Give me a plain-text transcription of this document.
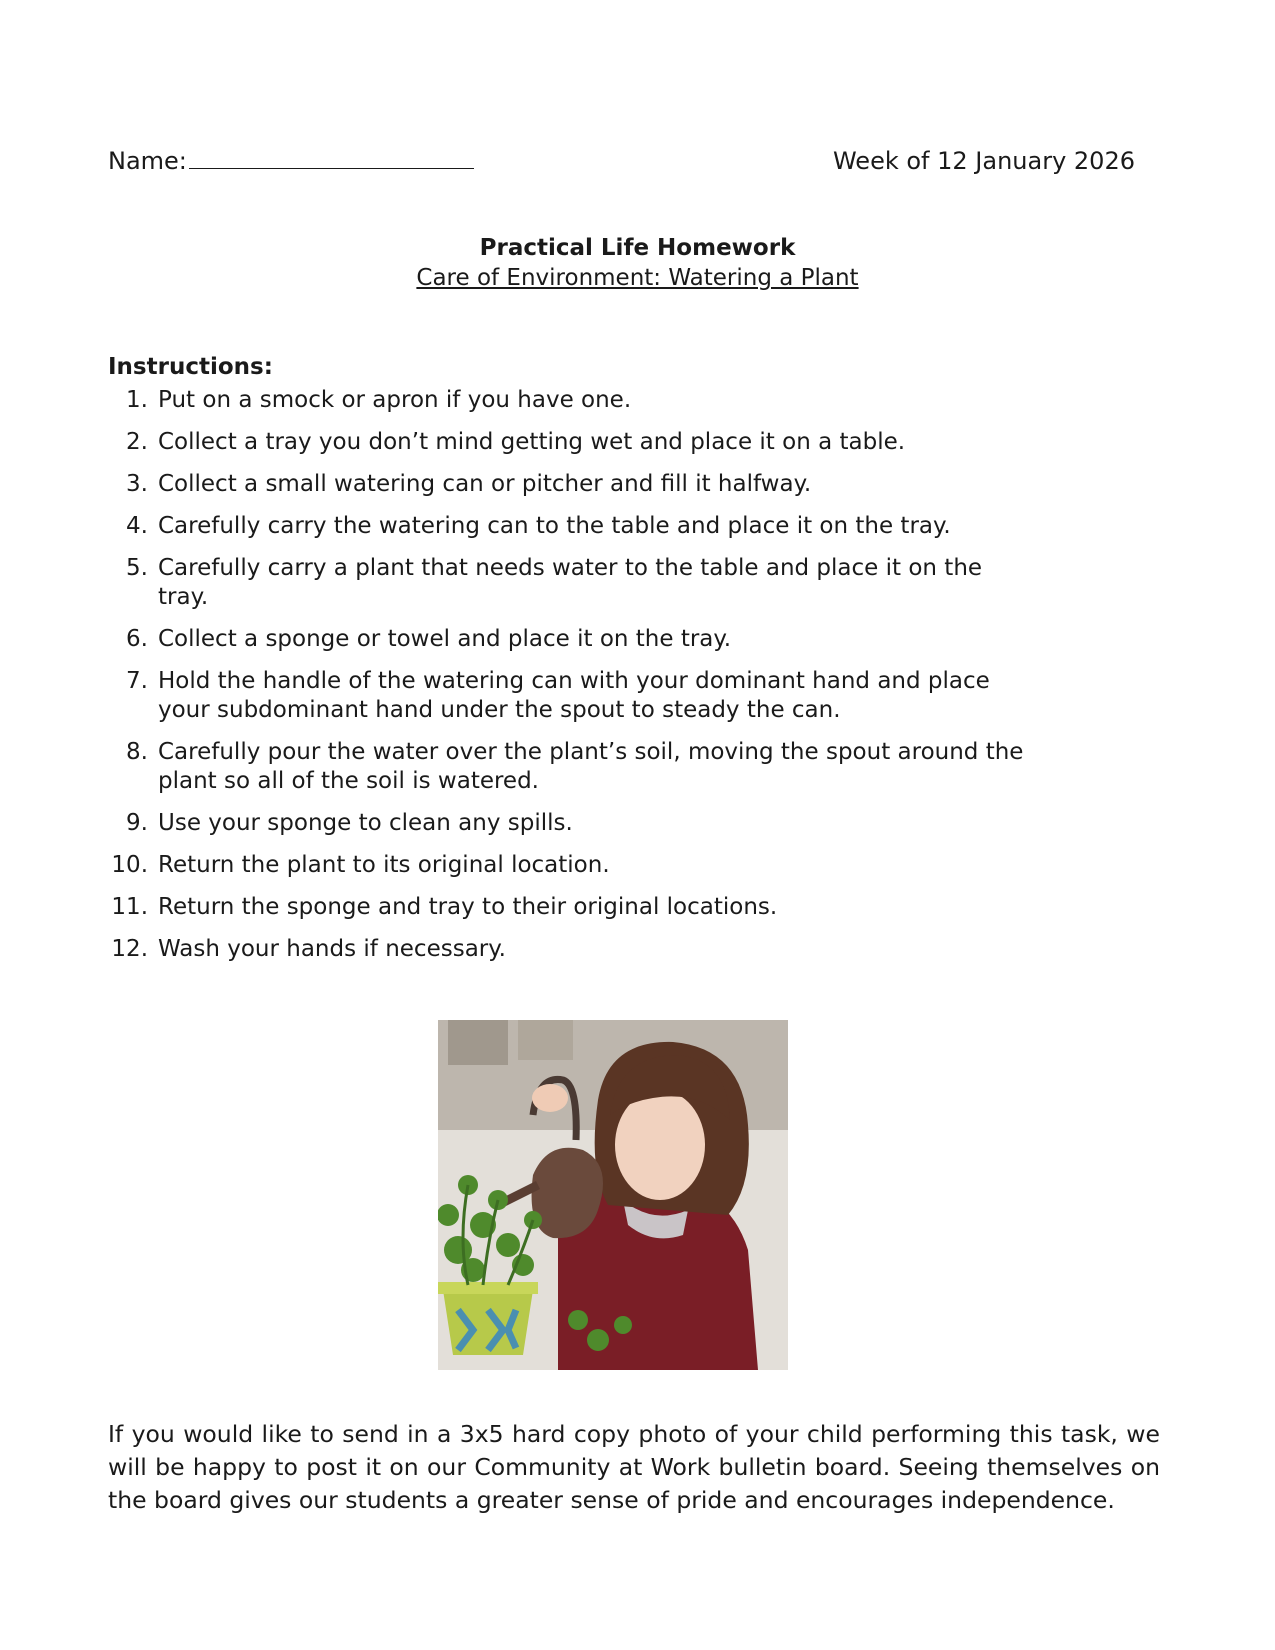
Name:	Week of 12 January 2026

Practical Life Homework

Care of Environment: Watering a Plant

Instructions:

1. Put on a smock or apron if you have one.
2. Collect a tray you don’t mind getting wet and place it on a table.
3. Collect a small watering can or pitcher and fill it halfway.
4. Carefully carry the watering can to the table and place it on the tray.
5. Carefully carry a plant that needs water to the table and place it on the tray.
6. Collect a sponge or towel and place it on the tray.
7. Hold the handle of the watering can with your dominant hand and place your subdominant hand under the spout to steady the can.
8. Carefully pour the water over the plant’s soil, moving the spout around the plant so all of the soil is watered.
9. Use your sponge to clean any spills.
10. Return the plant to its original location.
11. Return the sponge and tray to their original locations.
12. Wash your hands if necessary.

If you would like to send in a 3x5 hard copy photo of your child performing this task, we will be happy to post it on our Community at Work bulletin board. Seeing themselves on the board gives our students a greater sense of pride and encourages independence.
